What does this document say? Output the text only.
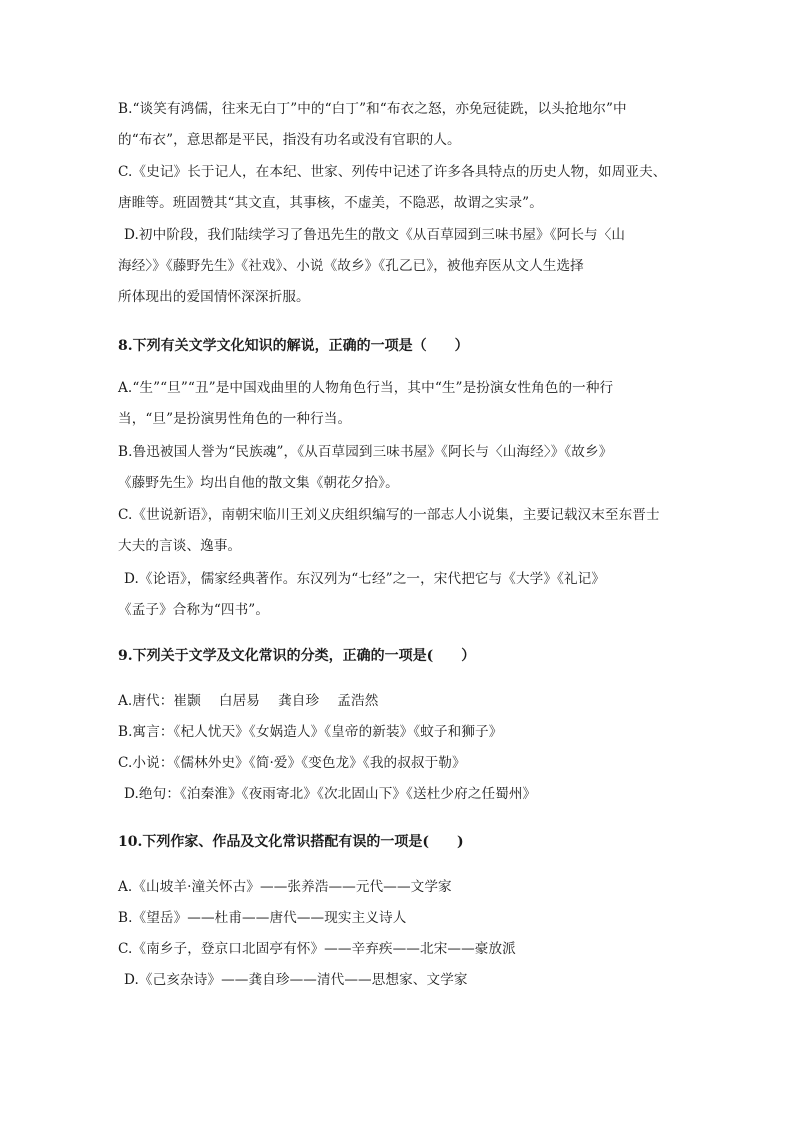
B.“谈笑有鸿儒，往来无白丁”中的“白丁”和“布衣之怒，亦免冠徒跣，以头抢地尔”中
的“布衣”，意思都是平民，指没有功名或没有官职的人。
C.《史记》长于记人，在本纪、世家、列传中记述了许多各具特点的历史人物，如周亚夫、
唐睢等。班固赞其“其文直，其事核，不虚美，不隐恶，故谓之实录”。
D.初中阶段，我们陆续学习了鲁迅先生的散文《从百草园到三味书屋》《阿长与〈山
海经〉》《藤野先生》《社戏》、小说《故乡》《孔乙已》，被他弃医从文人生选择
所体现出的爱国情怀深深折服。
8.下列有关文学文化知识的解说，正确的一项是（　　）
A.“生”“旦”“丑”是中国戏曲里的人物角色行当，其中“生”是扮演女性角色的一种行
当，“旦”是扮演男性角色的一种行当。
B.鲁迅被国人誉为“民族魂”，《从百草园到三味书屋》《阿长与〈山海经〉》《故乡》
《藤野先生》均出自他的散文集《朝花夕拾》。
C.《世说新语》，南朝宋临川王刘义庆组织编写的一部志人小说集，主要记载汉末至东晋士
大夫的言谈、逸事。
D.《论语》，儒家经典著作。东汉列为“七经”之一，宋代把它与《大学》《礼记》
《孟子》合称为“四书”。
9.下列关于文学及文化常识的分类，正确的一项是(　　）
A.唐代：崔颢　 白居易　 龚自珍　 孟浩然
B.寓言：《杞人忧天》《女娲造人》《皇帝的新装》《蚊子和狮子》
C.小说：《儒林外史》《简·爱》《变色龙》《我的叔叔于勒》
D.绝句：《泊秦淮》《夜雨寄北》《次北固山下》《送杜少府之任蜀州》
10.下列作家、作品及文化常识搭配有误的一项是(　　)
A.《山坡羊·潼关怀古》——张养浩——元代——文学家
B.《望岳》——杜甫——唐代——现实主义诗人
C.《南乡子，登京口北固亭有怀》——辛弃疾——北宋——豪放派
D.《己亥杂诗》——龚自珍——清代——思想家、文学家
